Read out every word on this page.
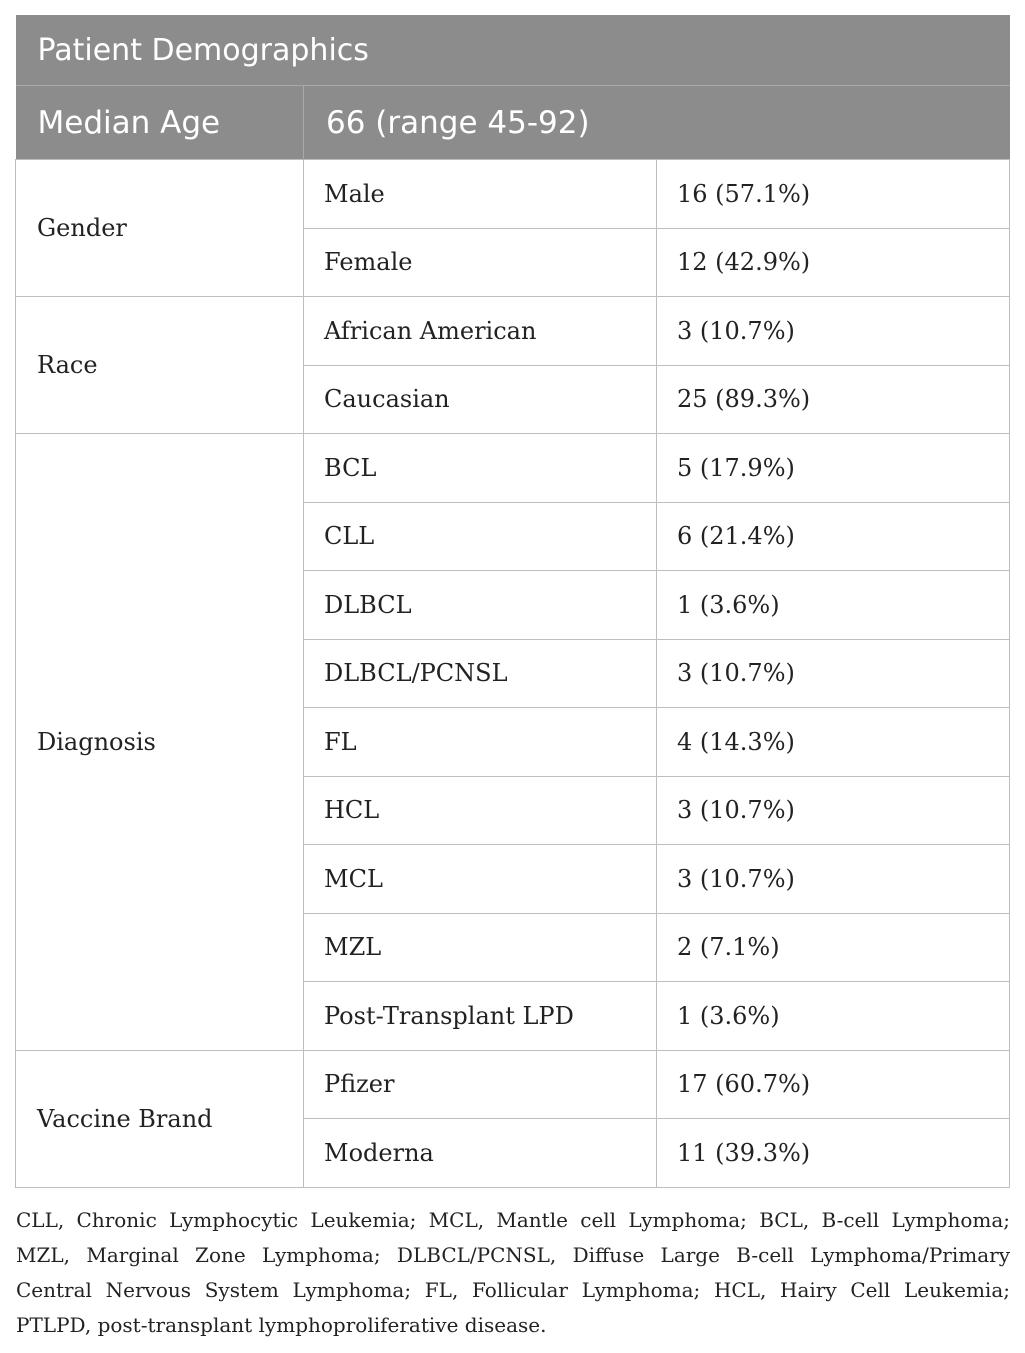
Patient Demographics		
Median Age	66 (range 45-92)	
Gender	Male	16 (57.1%)
	Female	12 (42.9%)
Race	African American	3 (10.7%)
	Caucasian	25 (89.3%)
Diagnosis	BCL	5 (17.9%)
	CLL	6 (21.4%)
	DLBCL	1 (3.6%)
	DLBCL/PCNSL	3 (10.7%)
	FL	4 (14.3%)
	HCL	3 (10.7%)
	MCL	3 (10.7%)
	MZL	2 (7.1%)
	Post-Transplant LPD	1 (3.6%)
Vaccine Brand	Pfizer	17 (60.7%)
	Moderna	11 (39.3%)

CLL, Chronic Lymphocytic Leukemia; MCL, Mantle cell Lymphoma; BCL, B-cell Lymphoma; MZL, Marginal Zone Lymphoma; DLBCL/PCNSL, Diffuse Large B-cell Lymphoma/Primary Central Nervous System Lymphoma; FL, Follicular Lymphoma; HCL, Hairy Cell Leukemia; PTLPD, post-transplant lymphoproliferative disease.
